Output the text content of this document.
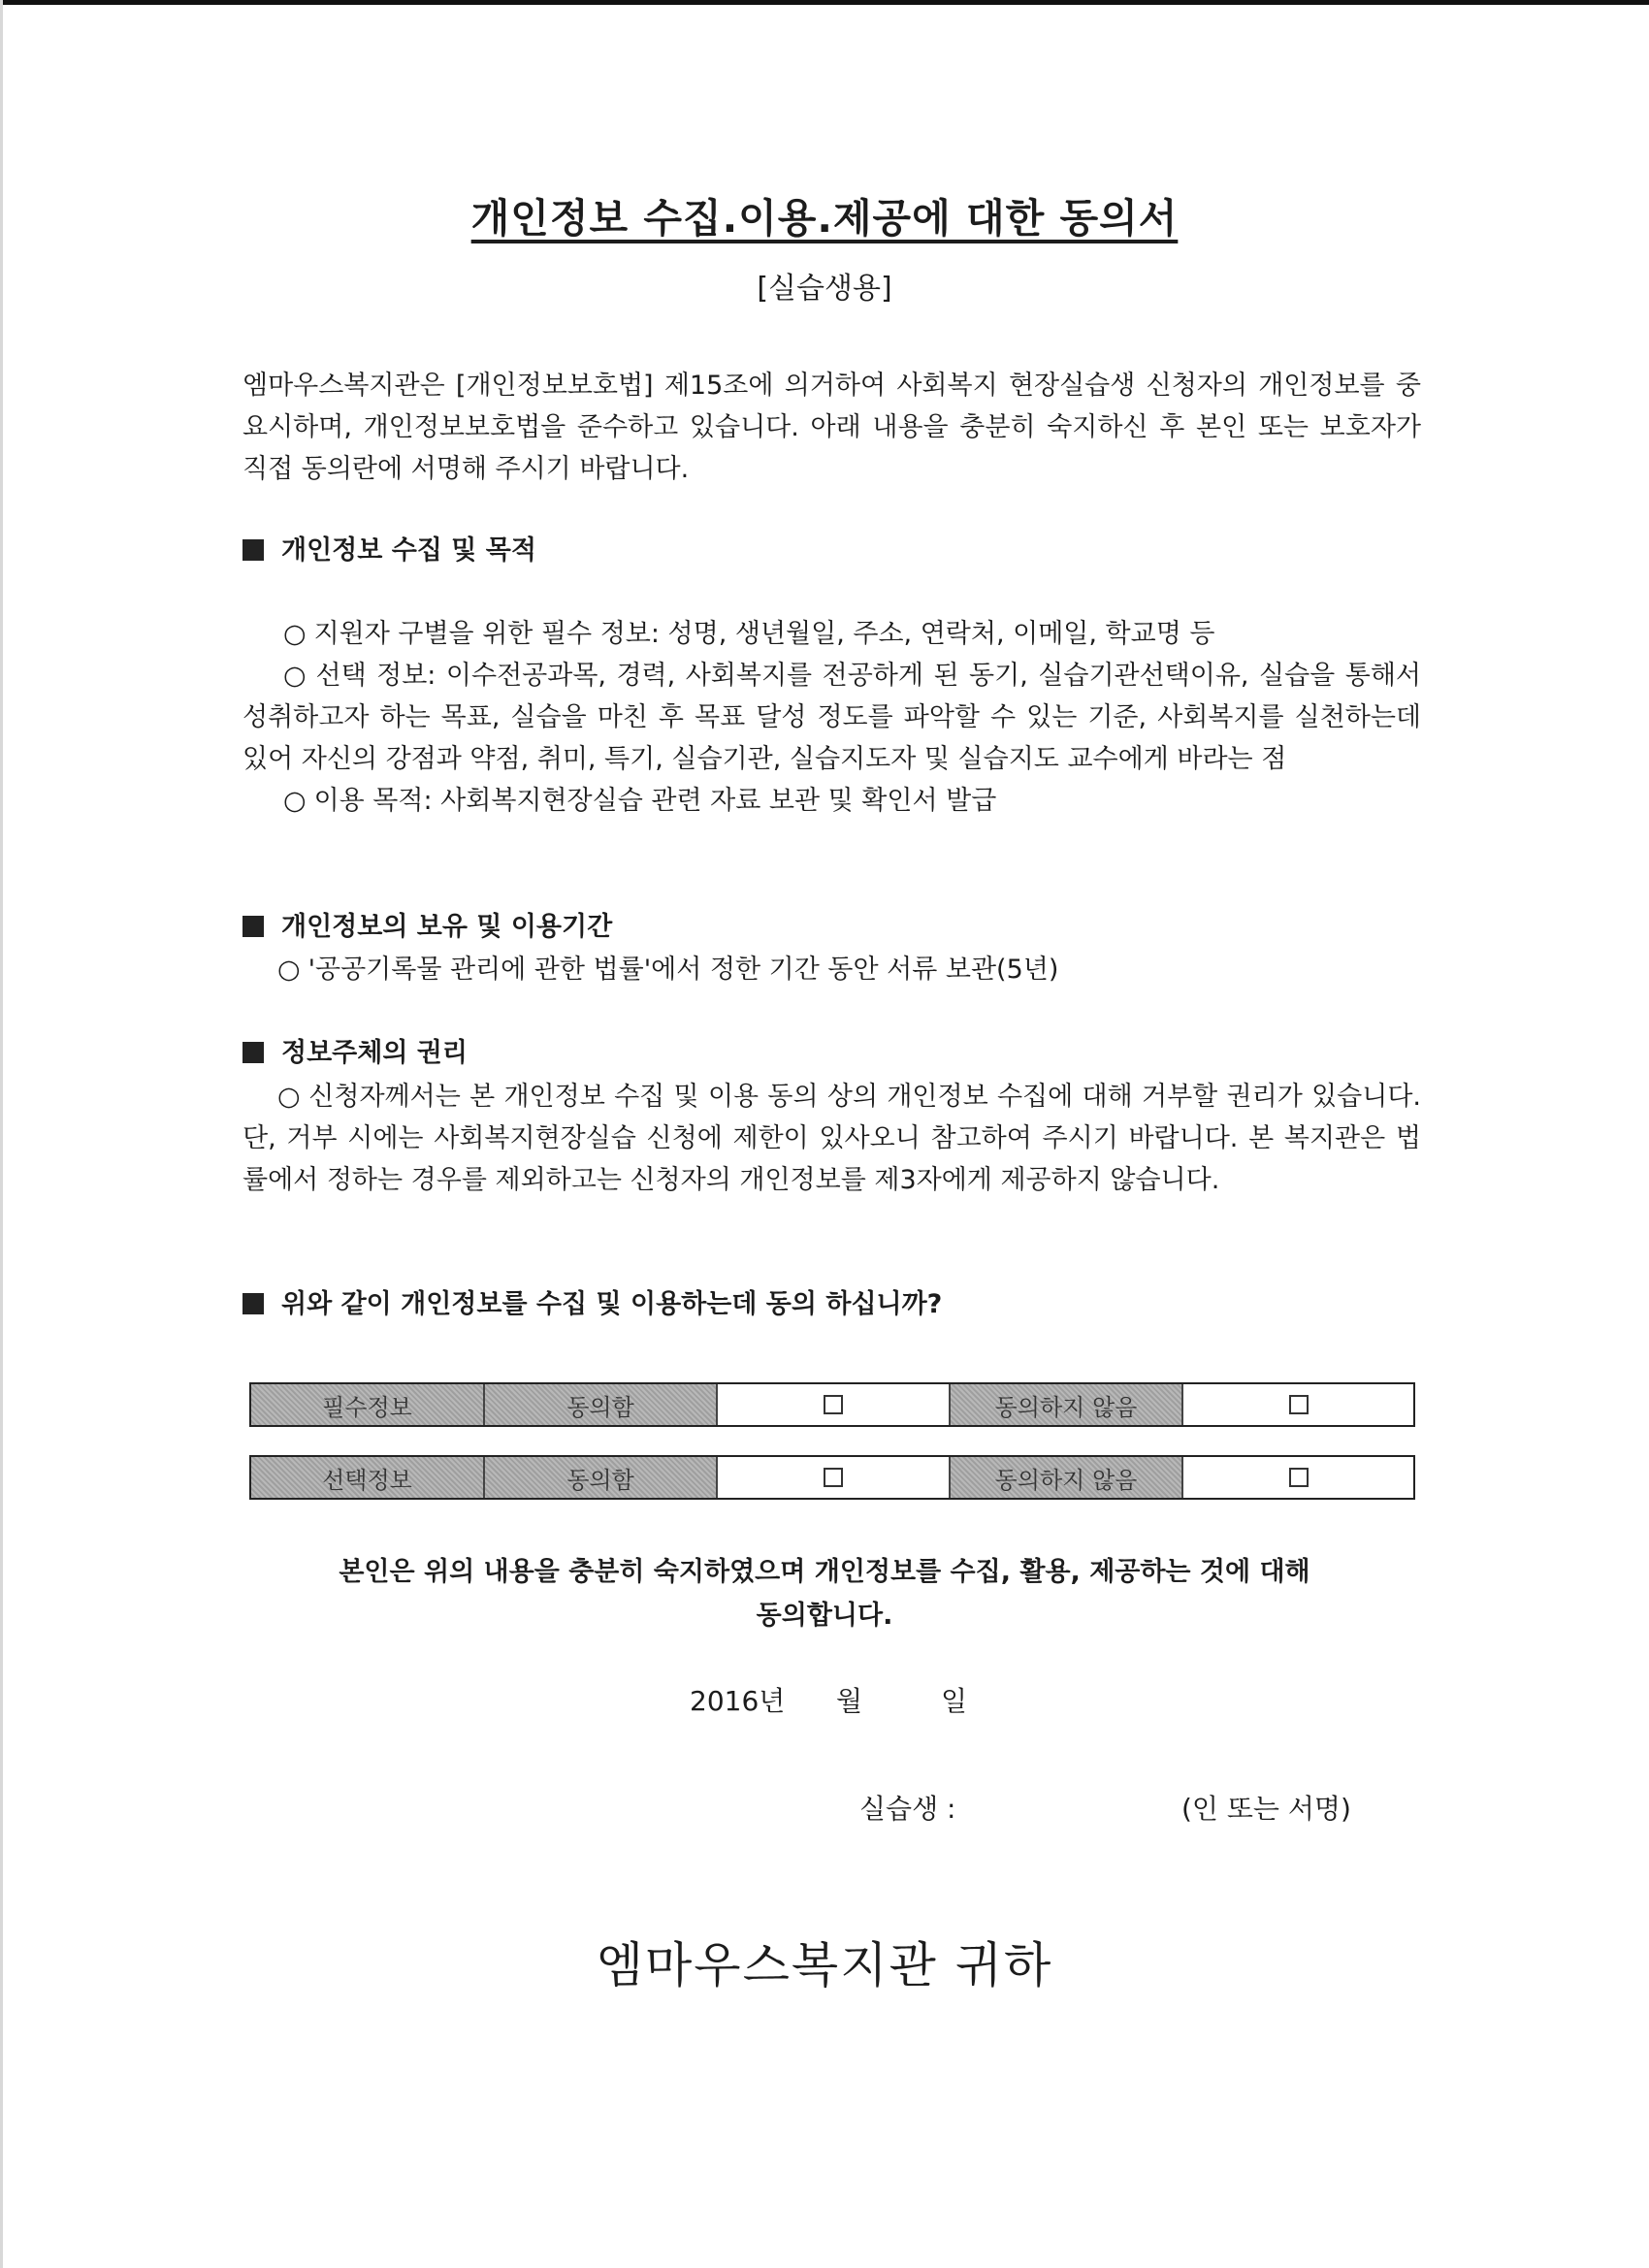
개인정보 수집.이용.제공에 대한 동의서
[실습생용]
엠마우스복지관은 [개인정보보호법] 제15조에 의거하여 사회복지 현장실습생 신청자의 개인정보를 중요시하며, 개인정보보호법을 준수하고 있습니다. 아래 내용을 충분히 숙지하신 후 본인 또는 보호자가 직접 동의란에 서명해 주시기 바랍니다.
개인정보 수집 및 목적
○ 지원자 구별을 위한 필수 정보: 성명, 생년월일, 주소, 연락처, 이메일, 학교명 등
○ 선택 정보: 이수전공과목, 경력, 사회복지를 전공하게 된 동기, 실습기관선택이유, 실습을 통해서 성취하고자 하는 목표, 실습을 마친 후 목표 달성 정도를 파악할 수 있는 기준, 사회복지를 실천하는데 있어 자신의 강점과 약점, 취미, 특기, 실습기관, 실습지도자 및 실습지도 교수에게 바라는 점
○ 이용 목적: 사회복지현장실습 관련 자료 보관 및 확인서 발급
개인정보의 보유 및 이용기간
○ '공공기록물 관리에 관한 법률'에서 정한 기간 동안 서류 보관(5년)
정보주체의 권리
○ 신청자께서는 본 개인정보 수집 및 이용 동의 상의 개인정보 수집에 대해 거부할 권리가 있습니다. 단, 거부 시에는 사회복지현장실습 신청에 제한이 있사오니 참고하여 주시기 바랍니다. 본 복지관은 법률에서 정하는 경우를 제외하고는 신청자의 개인정보를 제3자에게 제공하지 않습니다.
위와 같이 개인정보를 수집 및 이용하는데 동의 하십니까?
필수정보	동의함	동의하지 않음
선택정보	동의함	동의하지 않음
본인은 위의 내용을 충분히 숙지하였으며 개인정보를 수집, 활용, 제공하는 것에 대해
동의합니다.
2016년 월	일
실습생 :	(인 또는 서명)
엠마우스복지관 귀하
